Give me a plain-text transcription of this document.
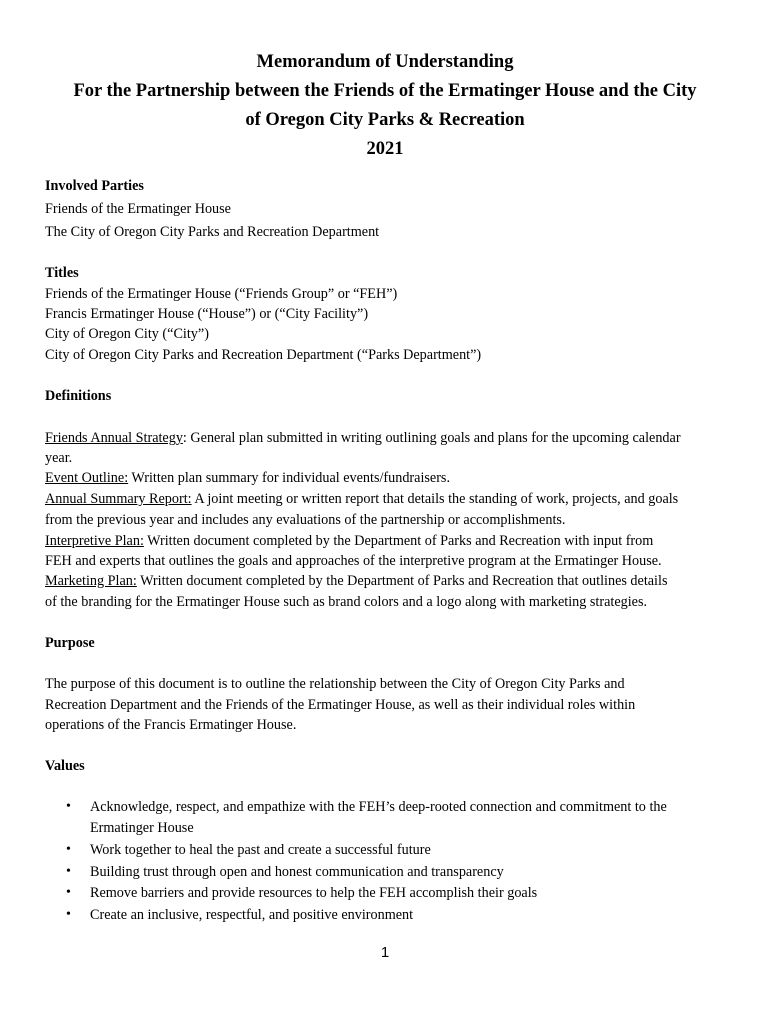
Memorandum of Understanding
For the Partnership between the Friends of the Ermatinger House and the City
of Oregon City Parks & Recreation
2021
Involved Parties
Friends of the Ermatinger House
The City of Oregon City Parks and Recreation Department
Titles
Friends of the Ermatinger House (“Friends Group” or “FEH”)
Francis Ermatinger House (“House”) or (“City Facility”)
City of Oregon City (“City”)
City of Oregon City Parks and Recreation Department (“Parks Department”)
Definitions
Friends Annual Strategy: General plan submitted in writing outlining goals and plans for the upcoming calendar
year.
Event Outline: Written plan summary for individual events/fundraisers.
Annual Summary Report: A joint meeting or written report that details the standing of work, projects, and goals
from the previous year and includes any evaluations of the partnership or accomplishments.
Interpretive Plan: Written document completed by the Department of Parks and Recreation with input from
FEH and experts that outlines the goals and approaches of the interpretive program at the Ermatinger House.
Marketing Plan: Written document completed by the Department of Parks and Recreation that outlines details
of the branding for the Ermatinger House such as brand colors and a logo along with marketing strategies.
Purpose
The purpose of this document is to outline the relationship between the City of Oregon City Parks and
Recreation Department and the Friends of the Ermatinger House, as well as their individual roles within
operations of the Francis Ermatinger House.
Values
• Acknowledge, respect, and empathize with the FEH’s deep-rooted connection and commitment to the
Ermatinger House
• Work together to heal the past and create a successful future
• Building trust through open and honest communication and transparency
• Remove barriers and provide resources to help the FEH accomplish their goals
• Create an inclusive, respectful, and positive environment
1
